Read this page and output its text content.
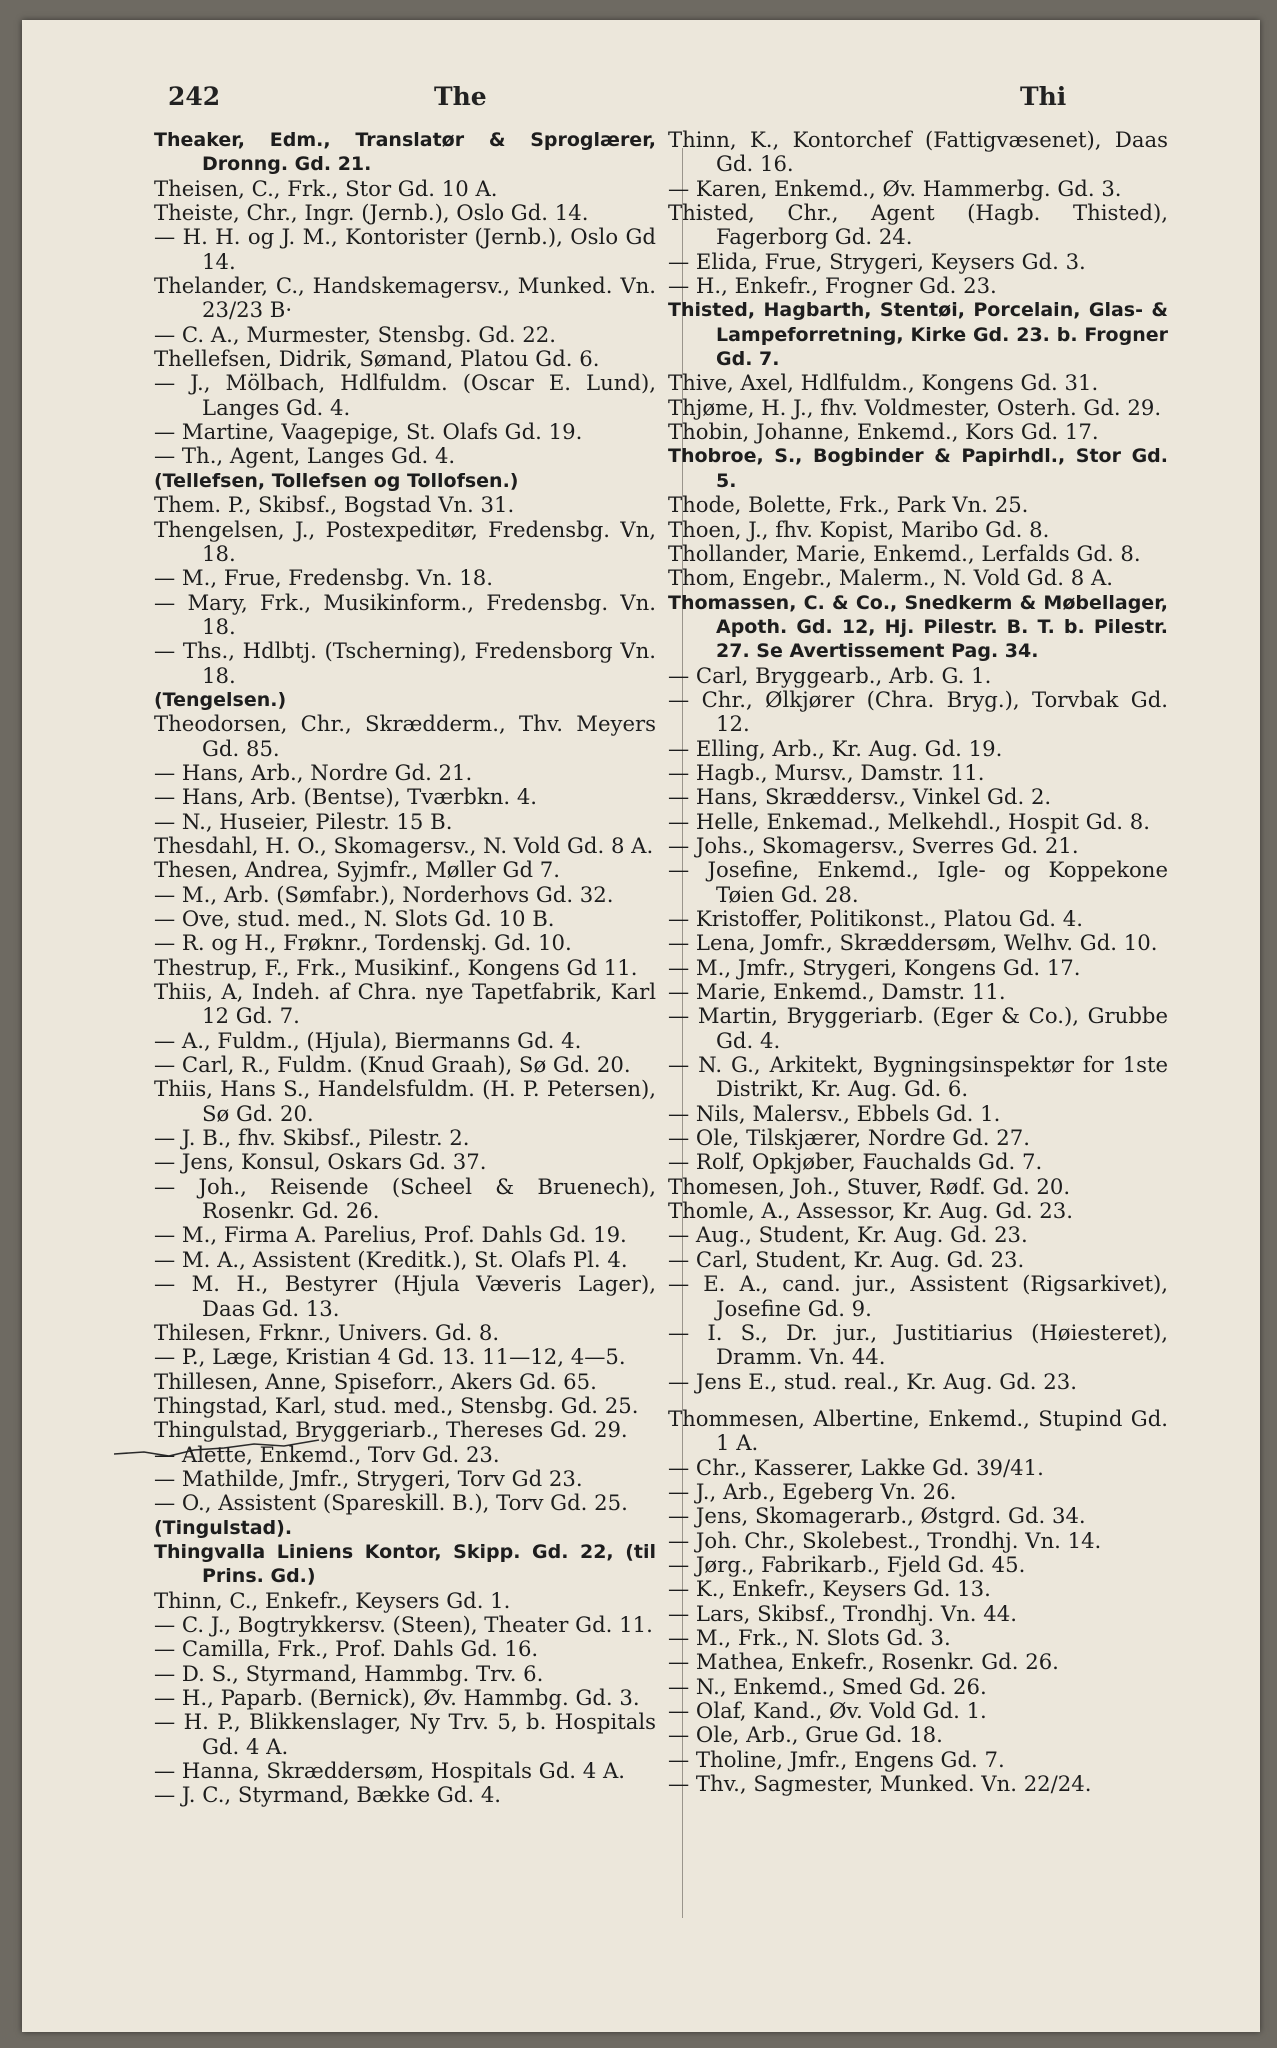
242	The	Thi
Theaker, Edm., Translatør & Sproglærer, Dronng. Gd. 21.
Theisen, C., Frk., Stor Gd. 10 A.
Theiste, Chr., Ingr. (Jernb.), Oslo Gd. 14.
— H. H. og J. M., Kontorister (Jernb.), Oslo Gd 14.
Thelander, C., Handskemagersv., Munked. Vn. 23/23 B·
— C. A., Murmester, Stensbg. Gd. 22.
Thellefsen, Didrik, Sømand, Platou Gd. 6.
— J., Mölbach, Hdlfuldm. (Oscar E. Lund), Langes Gd. 4.
— Martine, Vaagepige, St. Olafs Gd. 19.
— Th., Agent, Langes Gd. 4.
(Tellefsen, Tollefsen og Tollofsen.)
Them. P., Skibsf., Bogstad Vn. 31.
Thengelsen, J., Postexpeditør, Fredensbg. Vn, 18.
— M., Frue, Fredensbg. Vn. 18.
— Mary, Frk., Musikinform., Fredensbg. Vn. 18.
— Ths., Hdlbtj. (Tscherning), Fredensborg Vn. 18.
(Tengelsen.)
Theodorsen, Chr., Skrædderm., Thv. Meyers Gd. 85.
— Hans, Arb., Nordre Gd. 21.
— Hans, Arb. (Bentse), Tværbkn. 4.
— N., Huseier, Pilestr. 15 B.
Thesdahl, H. O., Skomagersv., N. Vold Gd. 8 A.
Thesen, Andrea, Syjmfr., Møller Gd 7.
— M., Arb. (Sømfabr.), Norderhovs Gd. 32.
— Ove, stud. med., N. Slots Gd. 10 B.
— R. og H., Frøknr., Tordenskj. Gd. 10.
Thestrup, F., Frk., Musikinf., Kongens Gd 11.
Thiis, A, Indeh. af Chra. nye Tapetfabrik, Karl 12 Gd. 7.
— A., Fuldm., (Hjula), Biermanns Gd. 4.
— Carl, R., Fuldm. (Knud Graah), Sø Gd. 20.
Thiis, Hans S., Handelsfuldm. (H. P. Petersen), Sø Gd. 20.
— J. B., fhv. Skibsf., Pilestr. 2.
— Jens, Konsul, Oskars Gd. 37.
— Joh., Reisende (Scheel & Bruenech), Rosenkr. Gd. 26.
— M., Firma A. Parelius, Prof. Dahls Gd. 19.
— M. A., Assistent (Kreditk.), St. Olafs Pl. 4.
— M. H., Bestyrer (Hjula Væveris Lager), Daas Gd. 13.
Thilesen, Frknr., Univers. Gd. 8.
— P., Læge, Kristian 4 Gd. 13. 11—12, 4—5.
Thillesen, Anne, Spiseforr., Akers Gd. 65.
Thingstad, Karl, stud. med., Stensbg. Gd. 25.
Thingulstad, Bryggeriarb., Thereses Gd. 29.
— Alette, Enkemd., Torv Gd. 23.
— Mathilde, Jmfr., Strygeri, Torv Gd 23.
— O., Assistent (Spareskill. B.), Torv Gd. 25.
(Tingulstad).
Thingvalla Liniens Kontor, Skipp. Gd. 22, (til Prins. Gd.)
Thinn, C., Enkefr., Keysers Gd. 1.
— C. J., Bogtrykkersv. (Steen), Theater Gd. 11.
— Camilla, Frk., Prof. Dahls Gd. 16.
— D. S., Styrmand, Hammbg. Trv. 6.
— H., Paparb. (Bernick), Øv. Hammbg. Gd. 3.
— H. P., Blikkenslager, Ny Trv. 5, b. Hospitals Gd. 4 A.
— Hanna, Skræddersøm, Hospitals Gd. 4 A.
— J. C., Styrmand, Bække Gd. 4.
Thinn, K., Kontorchef (Fattigvæsenet), Daas Gd. 16.
— Karen, Enkemd., Øv. Hammerbg. Gd. 3.
Thisted, Chr., Agent (Hagb. Thisted), Fagerborg Gd. 24.
— Elida, Frue, Strygeri, Keysers Gd. 3.
— H., Enkefr., Frogner Gd. 23.
Thisted, Hagbarth, Stentøi, Porcelain, Glas- & Lampeforretning, Kirke Gd. 23. b. Frogner Gd. 7.
Thive, Axel, Hdlfuldm., Kongens Gd. 31.
Thjøme, H. J., fhv. Voldmester, Osterh. Gd. 29.
Thobin, Johanne, Enkemd., Kors Gd. 17.
Thobroe, S., Bogbinder & Papirhdl., Stor Gd. 5.
Thode, Bolette, Frk., Park Vn. 25.
Thoen, J., fhv. Kopist, Maribo Gd. 8.
Thollander, Marie, Enkemd., Lerfalds Gd. 8.
Thom, Engebr., Malerm., N. Vold Gd. 8 A.
Thomassen, C. & Co., Snedkerm & Møbellager, Apoth. Gd. 12, Hj. Pilestr. B. T. b. Pilestr. 27. Se Avertissement Pag. 34.
— Carl, Bryggearb., Arb. G. 1.
— Chr., Ølkjører (Chra. Bryg.), Torvbak Gd. 12.
— Elling, Arb., Kr. Aug. Gd. 19.
— Hagb., Mursv., Damstr. 11.
— Hans, Skræddersv., Vinkel Gd. 2.
— Helle, Enkemad., Melkehdl., Hospit Gd. 8.
— Johs., Skomagersv., Sverres Gd. 21.
— Josefine, Enkemd., Igle- og Koppekone Tøien Gd. 28.
— Kristoffer, Politikonst., Platou Gd. 4.
— Lena, Jomfr., Skræddersøm, Welhv. Gd. 10.
— M., Jmfr., Strygeri, Kongens Gd. 17.
— Marie, Enkemd., Damstr. 11.
— Martin, Bryggeriarb. (Eger & Co.), Grubbe Gd. 4.
— N. G., Arkitekt, Bygningsinspektør for 1ste Distrikt, Kr. Aug. Gd. 6.
— Nils, Malersv., Ebbels Gd. 1.
— Ole, Tilskjærer, Nordre Gd. 27.
— Rolf, Opkjøber, Fauchalds Gd. 7.
Thomesen, Joh., Stuver, Rødf. Gd. 20.
Thomle, A., Assessor, Kr. Aug. Gd. 23.
— Aug., Student, Kr. Aug. Gd. 23.
— Carl, Student, Kr. Aug. Gd. 23.
— E. A., cand. jur., Assistent (Rigsarkivet), Josefine Gd. 9.
— I. S., Dr. jur., Justitiarius (Høiesteret), Dramm. Vn. 44.
— Jens E., stud. real., Kr. Aug. Gd. 23.
Thommesen, Albertine, Enkemd., Stupind Gd. 1 A.
— Chr., Kasserer, Lakke Gd. 39/41.
— J., Arb., Egeberg Vn. 26.
— Jens, Skomagerarb., Østgrd. Gd. 34.
— Joh. Chr., Skolebest., Trondhj. Vn. 14.
— Jørg., Fabrikarb., Fjeld Gd. 45.
— K., Enkefr., Keysers Gd. 13.
— Lars, Skibsf., Trondhj. Vn. 44.
— M., Frk., N. Slots Gd. 3.
— Mathea, Enkefr., Rosenkr. Gd. 26.
— N., Enkemd., Smed Gd. 26.
— Olaf, Kand., Øv. Vold Gd. 1.
— Ole, Arb., Grue Gd. 18.
— Tholine, Jmfr., Engens Gd. 7.
— Thv., Sagmester, Munked. Vn. 22/24.
